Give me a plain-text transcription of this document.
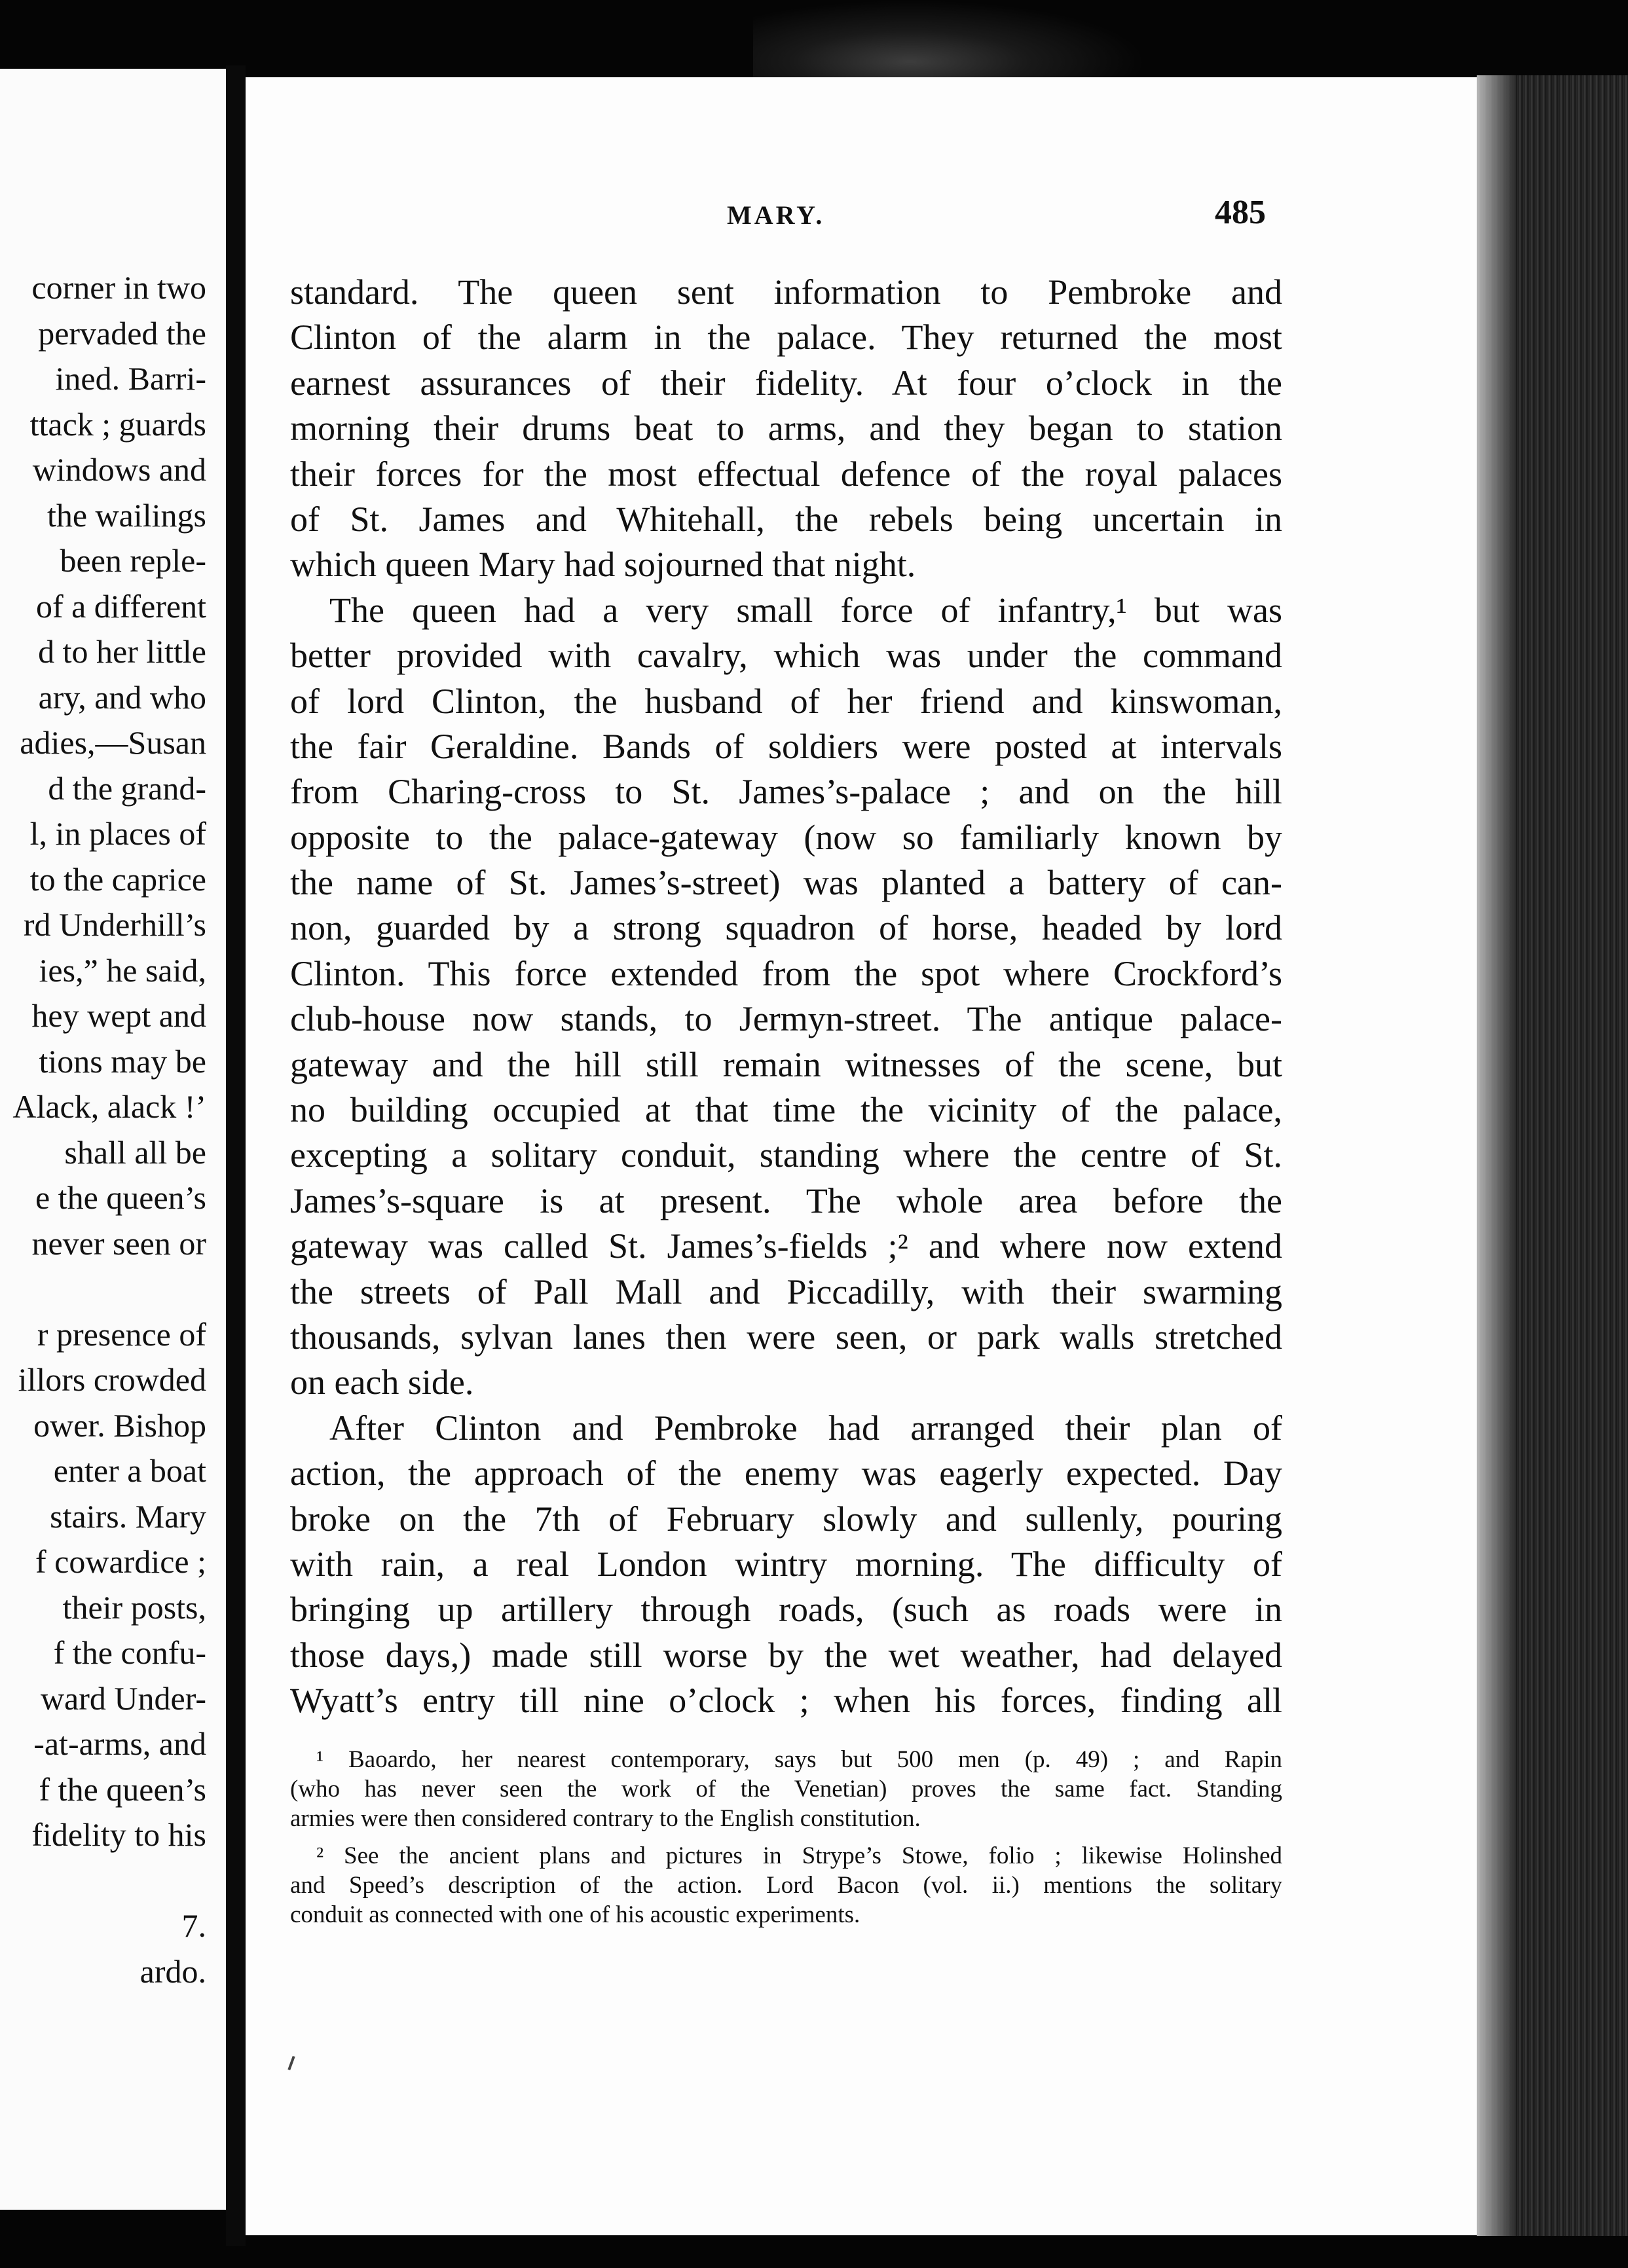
corner in two
pervaded the
ined. Barri-
ttack ; guards
windows and
the wailings
been reple-
of a different
d to her little
ary, and who
adies,—Susan
d the grand-
l, in places of
to the caprice
rd Underhill’s
ies,” he said,
hey wept and
tions may be
Alack, alack !’
shall all be
e the queen’s
never seen or
r presence of
illors crowded
ower. Bishop
enter a boat
stairs. Mary
f cowardice ;
their posts,
f the confu-
ward Under-
-at-arms, and
f the queen’s
fidelity to his
7.
ardo.
MARY.	485
standard. The queen sent information to Pembroke and
Clinton of the alarm in the palace. They returned the most
earnest assurances of their fidelity. At four o’clock in the
morning their drums beat to arms, and they began to station
their forces for the most effectual defence of the royal palaces
of St. James and Whitehall, the rebels being uncertain in
which queen Mary had sojourned that night.
The queen had a very small force of infantry,¹ but was
better provided with cavalry, which was under the command
of lord Clinton, the husband of her friend and kinswoman,
the fair Geraldine. Bands of soldiers were posted at intervals
from Charing-cross to St. James’s-palace ; and on the hill
opposite to the palace-gateway (now so familiarly known by
the name of St. James’s-street) was planted a battery of can-
non, guarded by a strong squadron of horse, headed by lord
Clinton. This force extended from the spot where Crockford’s
club-house now stands, to Jermyn-street. The antique palace-
gateway and the hill still remain witnesses of the scene, but
no building occupied at that time the vicinity of the palace,
excepting a solitary conduit, standing where the centre of St.
James’s-square is at present. The whole area before the
gateway was called St. James’s-fields ;² and where now extend
the streets of Pall Mall and Piccadilly, with their swarming
thousands, sylvan lanes then were seen, or park walls stretched
on each side.
After Clinton and Pembroke had arranged their plan of
action, the approach of the enemy was eagerly expected. Day
broke on the 7th of February slowly and sullenly, pouring
with rain, a real London wintry morning. The difficulty of
bringing up artillery through roads, (such as roads were in
those days,) made still worse by the wet weather, had delayed
Wyatt’s entry till nine o’clock ; when his forces, finding all
¹ Baoardo, her nearest contemporary, says but 500 men (p. 49) ; and Rapin
(who has never seen the work of the Venetian) proves the same fact. Standing
armies were then considered contrary to the English constitution.
² See the ancient plans and pictures in Strype’s Stowe, folio ; likewise Holinshed
and Speed’s description of the action. Lord Bacon (vol. ii.) mentions the solitary
conduit as connected with one of his acoustic experiments.
